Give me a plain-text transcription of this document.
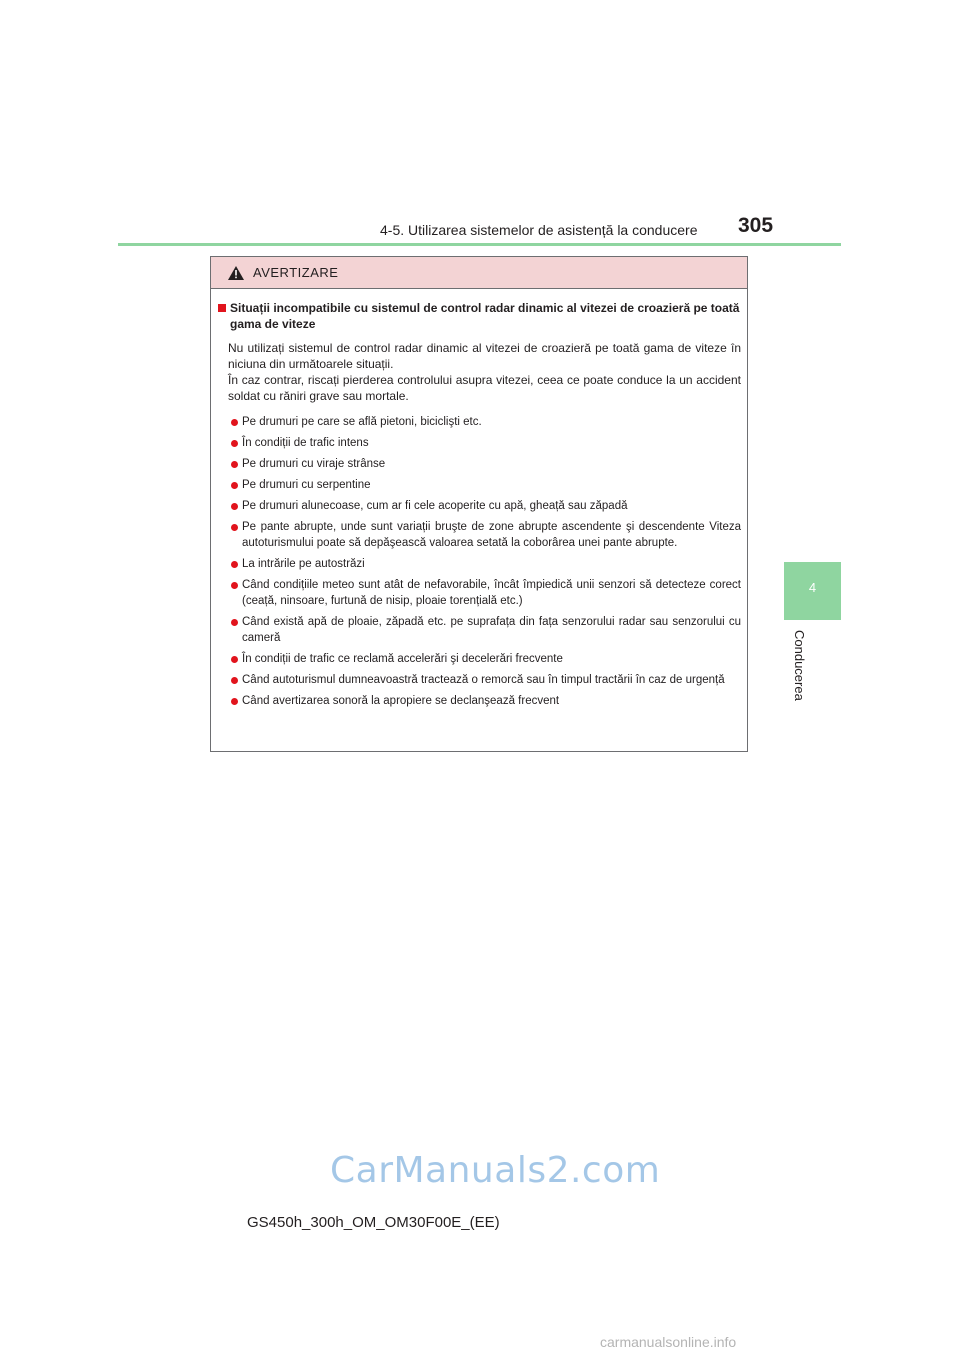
4-5. Utilizarea sistemelor de asistență la conducere 305
4
Conducerea
AVERTIZARE
Situații incompatibile cu sistemul de control radar dinamic al vitezei de croazieră pe toată gama de viteze
Nu utilizați sistemul de control radar dinamic al vitezei de croazieră pe toată gama de viteze în niciuna din următoarele situații.
În caz contrar, riscați pierderea controlului asupra vitezei, ceea ce poate conduce la un accident soldat cu răniri grave sau mortale.
Pe drumuri pe care se află pietoni, biciclişti etc.
În condiții de trafic intens
Pe drumuri cu viraje strânse
Pe drumuri cu serpentine
Pe drumuri alunecoase, cum ar fi cele acoperite cu apă, gheață sau zăpadă
Pe pante abrupte, unde sunt variații bruşte de zone abrupte ascendente şi descendente Viteza autoturismului poate să depăşească valoarea setată la coborârea unei pante abrupte.
La intrările pe autostrăzi
Când condițiile meteo sunt atât de nefavorabile, încât împiedică unii senzori să detecteze corect (ceață, ninsoare, furtună de nisip, ploaie torențială etc.)
Când există apă de ploaie, zăpadă etc. pe suprafața din fața senzorului radar sau senzorului cu cameră
În condiții de trafic ce reclamă accelerări şi decelerări frecvente
Când autoturismul dumneavoastră tractează o remorcă sau în timpul tractării în caz de urgență
Când avertizarea sonoră la apropiere se declanşează frecvent
CarManuals2.com
GS450h_300h_OM_OM30F00E_(EE)
carmanualsonline.info
